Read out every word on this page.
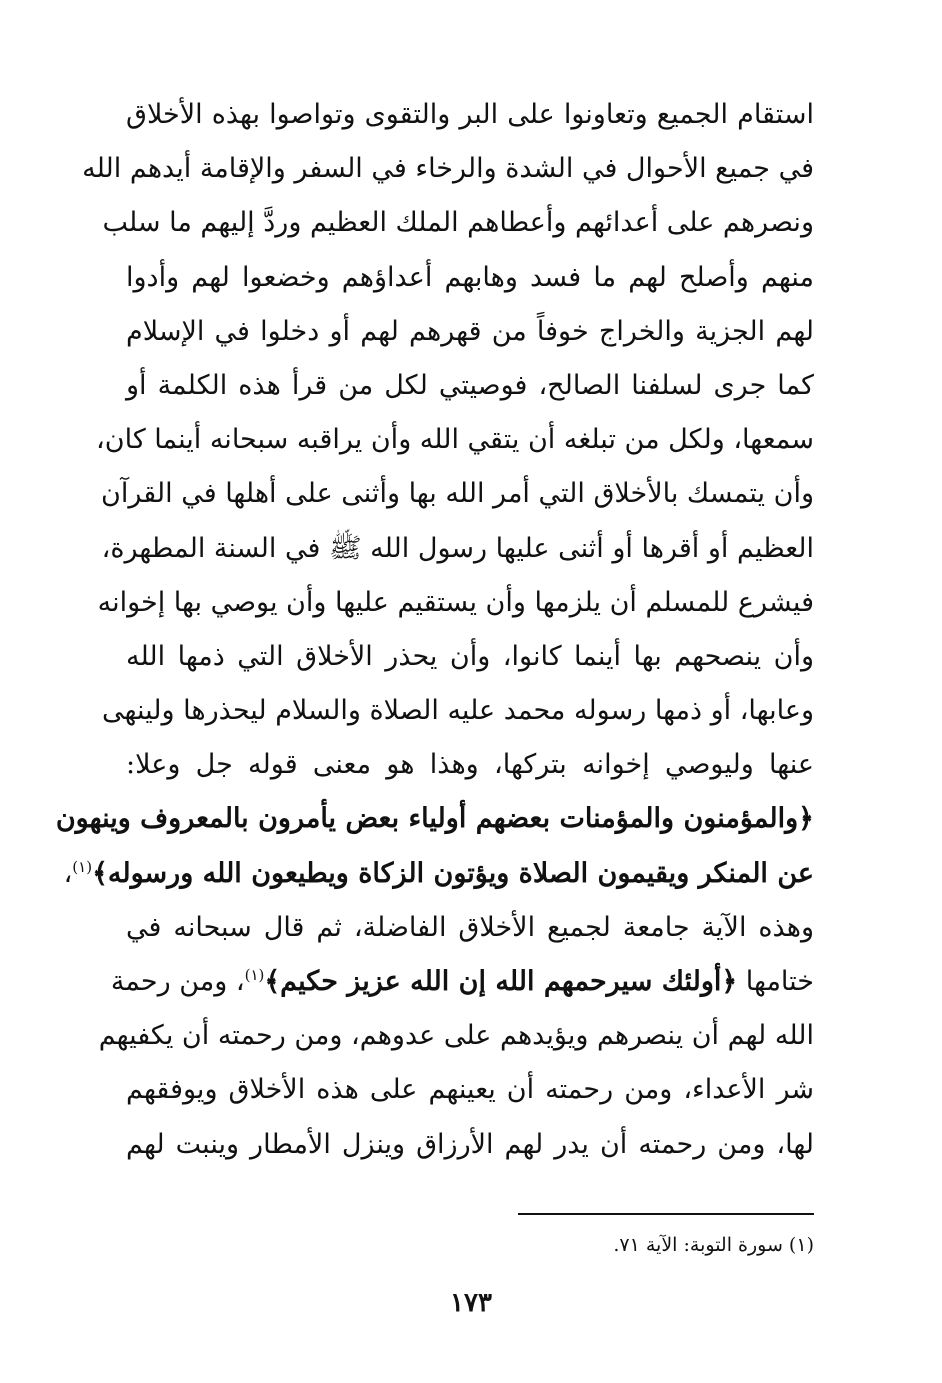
استقام الجميع وتعاونوا على البر والتقوى وتواصوا بهذه الأخلاق
في جميع الأحوال في الشدة والرخاء في السفر والإقامة أيدهم الله
ونصرهم على أعدائهم وأعطاهم الملك العظيم وردَّ إليهم ما سلب
منهم وأصلح لهم ما فسد وهابهم أعداؤهم وخضعوا لهم وأدوا
لهم الجزية والخراج خوفاً من قهرهم لهم أو دخلوا في الإسلام
كما جرى لسلفنا الصالح، فوصيتي لكل من قرأ هذه الكلمة أو
سمعها، ولكل من تبلغه أن يتقي الله وأن يراقبه سبحانه أينما كان،
وأن يتمسك بالأخلاق التي أمر الله بها وأثنى على أهلها في القرآن
العظيم أو أقرها أو أثنى عليها رسول الله ﷺ في السنة المطهرة،
فيشرع للمسلم أن يلزمها وأن يستقيم عليها وأن يوصي بها إخوانه
وأن ينصحهم بها أينما كانوا، وأن يحذر الأخلاق التي ذمها الله
وعابها، أو ذمها رسوله محمد عليه الصلاة والسلام ليحذرها ولينهى
عنها وليوصي إخوانه بتركها، وهذا هو معنى قوله جل وعلا:
﴿والمؤمنون والمؤمنات بعضهم أولياء بعض يأمرون بالمعروف وينهون
عن المنكر ويقيمون الصلاة ويؤتون الزكاة ويطيعون الله ورسوله﴾$^{(١)}$،
وهذه الآية جامعة لجميع الأخلاق الفاضلة، ثم قال سبحانه في
ختامها ﴿أولئك سيرحمهم الله إن الله عزيز حكيم﴾$^{(١)}$، ومن رحمة
الله لهم أن ينصرهم ويؤيدهم على عدوهم، ومن رحمته أن يكفيهم
شر الأعداء، ومن رحمته أن يعينهم على هذه الأخلاق ويوفقهم
لها، ومن رحمته أن يدر لهم الأرزاق وينزل الأمطار وينبت لهم
(١) سورة التوبة: الآية ٧١.
١٧٣
